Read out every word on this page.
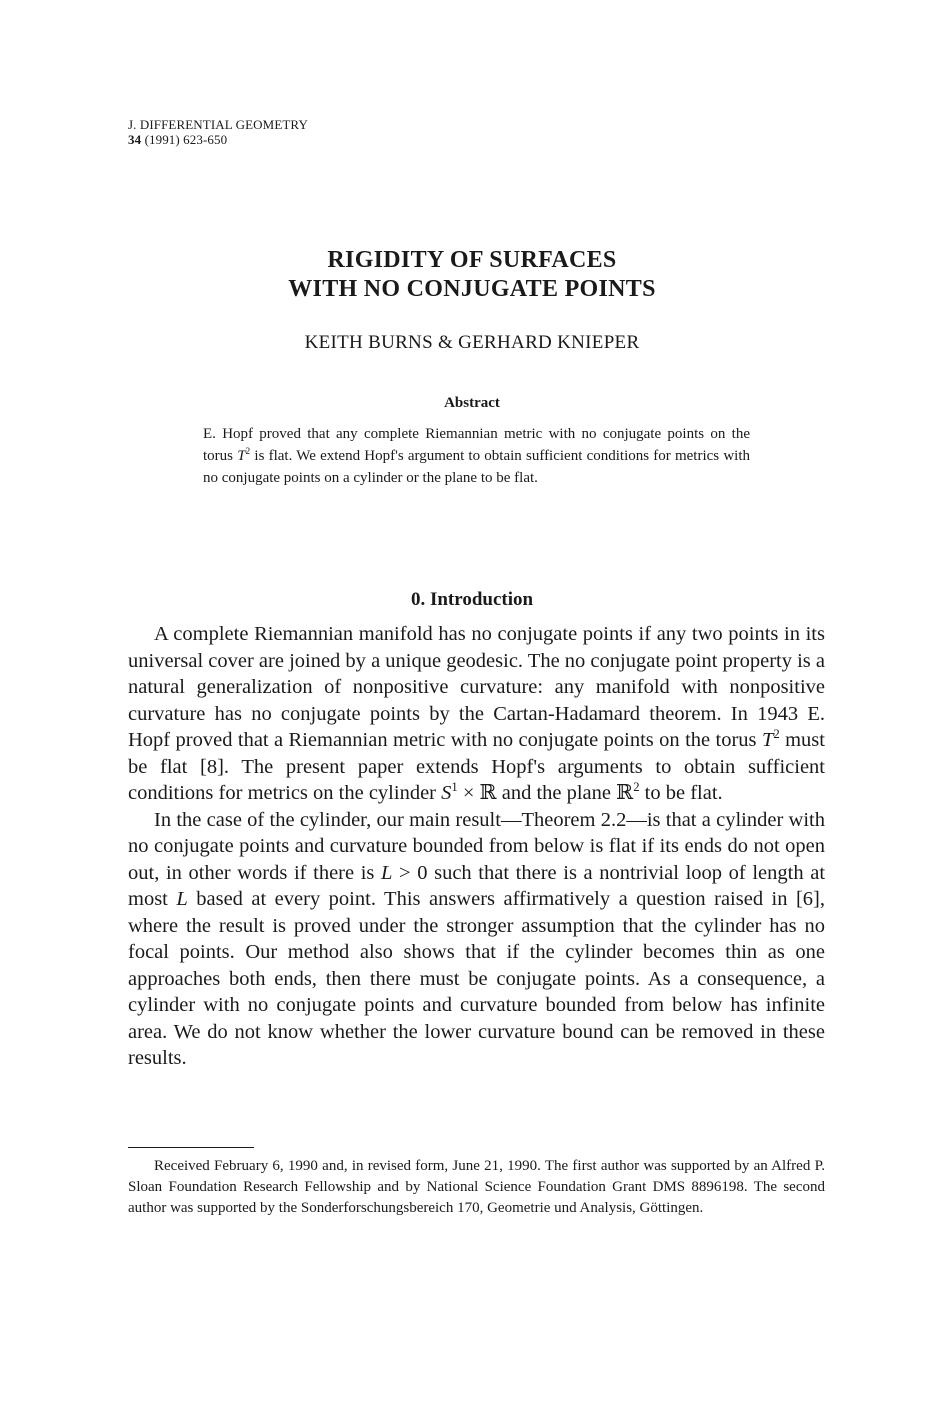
J. DIFFERENTIAL GEOMETRY
34 (1991) 623-650
RIGIDITY OF SURFACES
WITH NO CONJUGATE POINTS
KEITH BURNS & GERHARD KNIEPER
Abstract
E. Hopf proved that any complete Riemannian metric with no conjugate points on the torus $T^2$ is flat. We extend Hopf's argument to obtain sufficient conditions for metrics with no conjugate points on a cylinder or the plane to be flat.
0. Introduction

A complete Riemannian manifold has no conjugate points if any two points in its universal cover are joined by a unique geodesic. The no conjugate point property is a natural generalization of nonpositive curvature: any manifold with nonpositive curvature has no conjugate points by the Cartan-Hadamard theorem. In 1943 E. Hopf proved that a Riemannian metric with no conjugate points on the torus $T^2$ must be flat [8]. The present paper extends Hopf's arguments to obtain sufficient conditions for metrics on the cylinder $S^1$ × ℝ and the plane ℝ$^2$ to be flat.

In the case of the cylinder, our main result—Theorem 2.2—is that a cylinder with no conjugate points and curvature bounded from below is flat if its ends do not open out, in other words if there is L > 0 such that there is a nontrivial loop of length at most L based at every point. This answers affirmatively a question raised in [6], where the result is proved under the stronger assumption that the cylinder has no focal points. Our method also shows that if the cylinder becomes thin as one approaches both ends, then there must be conjugate points. As a consequence, a cylinder with no conjugate points and curvature bounded from below has infinite area. We do not know whether the lower curvature bound can be removed in these results.

Received February 6, 1990 and, in revised form, June 21, 1990. The first author was supported by an Alfred P. Sloan Foundation Research Fellowship and by National Science Foundation Grant DMS 8896198. The second author was supported by the Sonderforschungsbereich 170, Geometrie und Analysis, Göttingen.
